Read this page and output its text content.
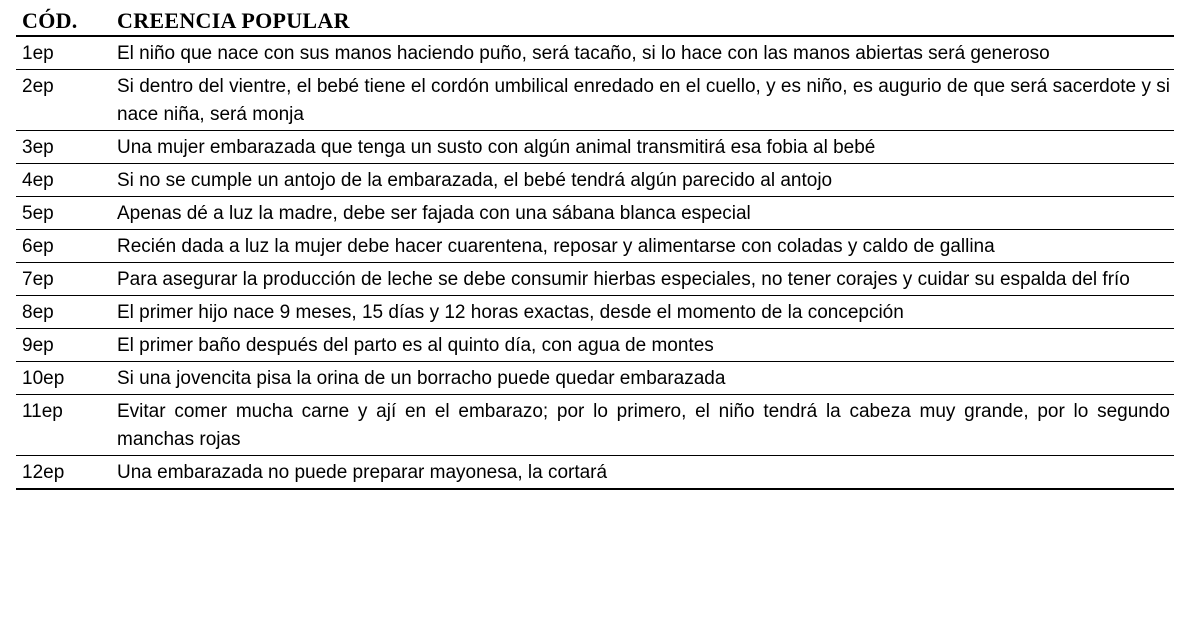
CÓD.	CREENCIA POPULAR
1ep	El niño que nace con sus manos haciendo puño, será tacaño, si lo hace con las manos abiertas será generoso
2ep	Si dentro del vientre, el bebé tiene el cordón umbilical enredado en el cuello, y es niño, es augurio de que será sacerdote y si nace niña, será monja
3ep	Una mujer embarazada que tenga un susto con algún animal transmitirá esa fobia al bebé
4ep	Si no se cumple un antojo de la embarazada, el bebé tendrá algún parecido al antojo
5ep	Apenas dé a luz la madre, debe ser fajada con una sábana blanca especial
6ep	Recién dada a luz la mujer debe hacer cuarentena, reposar y alimentarse con coladas y caldo de gallina
7ep	Para asegurar la producción de leche se debe consumir hierbas especiales, no tener corajes y cuidar su espalda del frío
8ep	El primer hijo nace 9 meses, 15 días y 12 horas exactas, desde el momento de la concepción
9ep	El primer baño después del parto es al quinto día, con agua de montes
10ep	Si una jovencita pisa la orina de un borracho puede quedar embarazada
11ep	Evitar comer mucha carne y ají en el embarazo; por lo primero, el niño tendrá la cabeza muy grande, por lo segundo manchas rojas
12ep	Una embarazada no puede preparar mayonesa, la cortará
